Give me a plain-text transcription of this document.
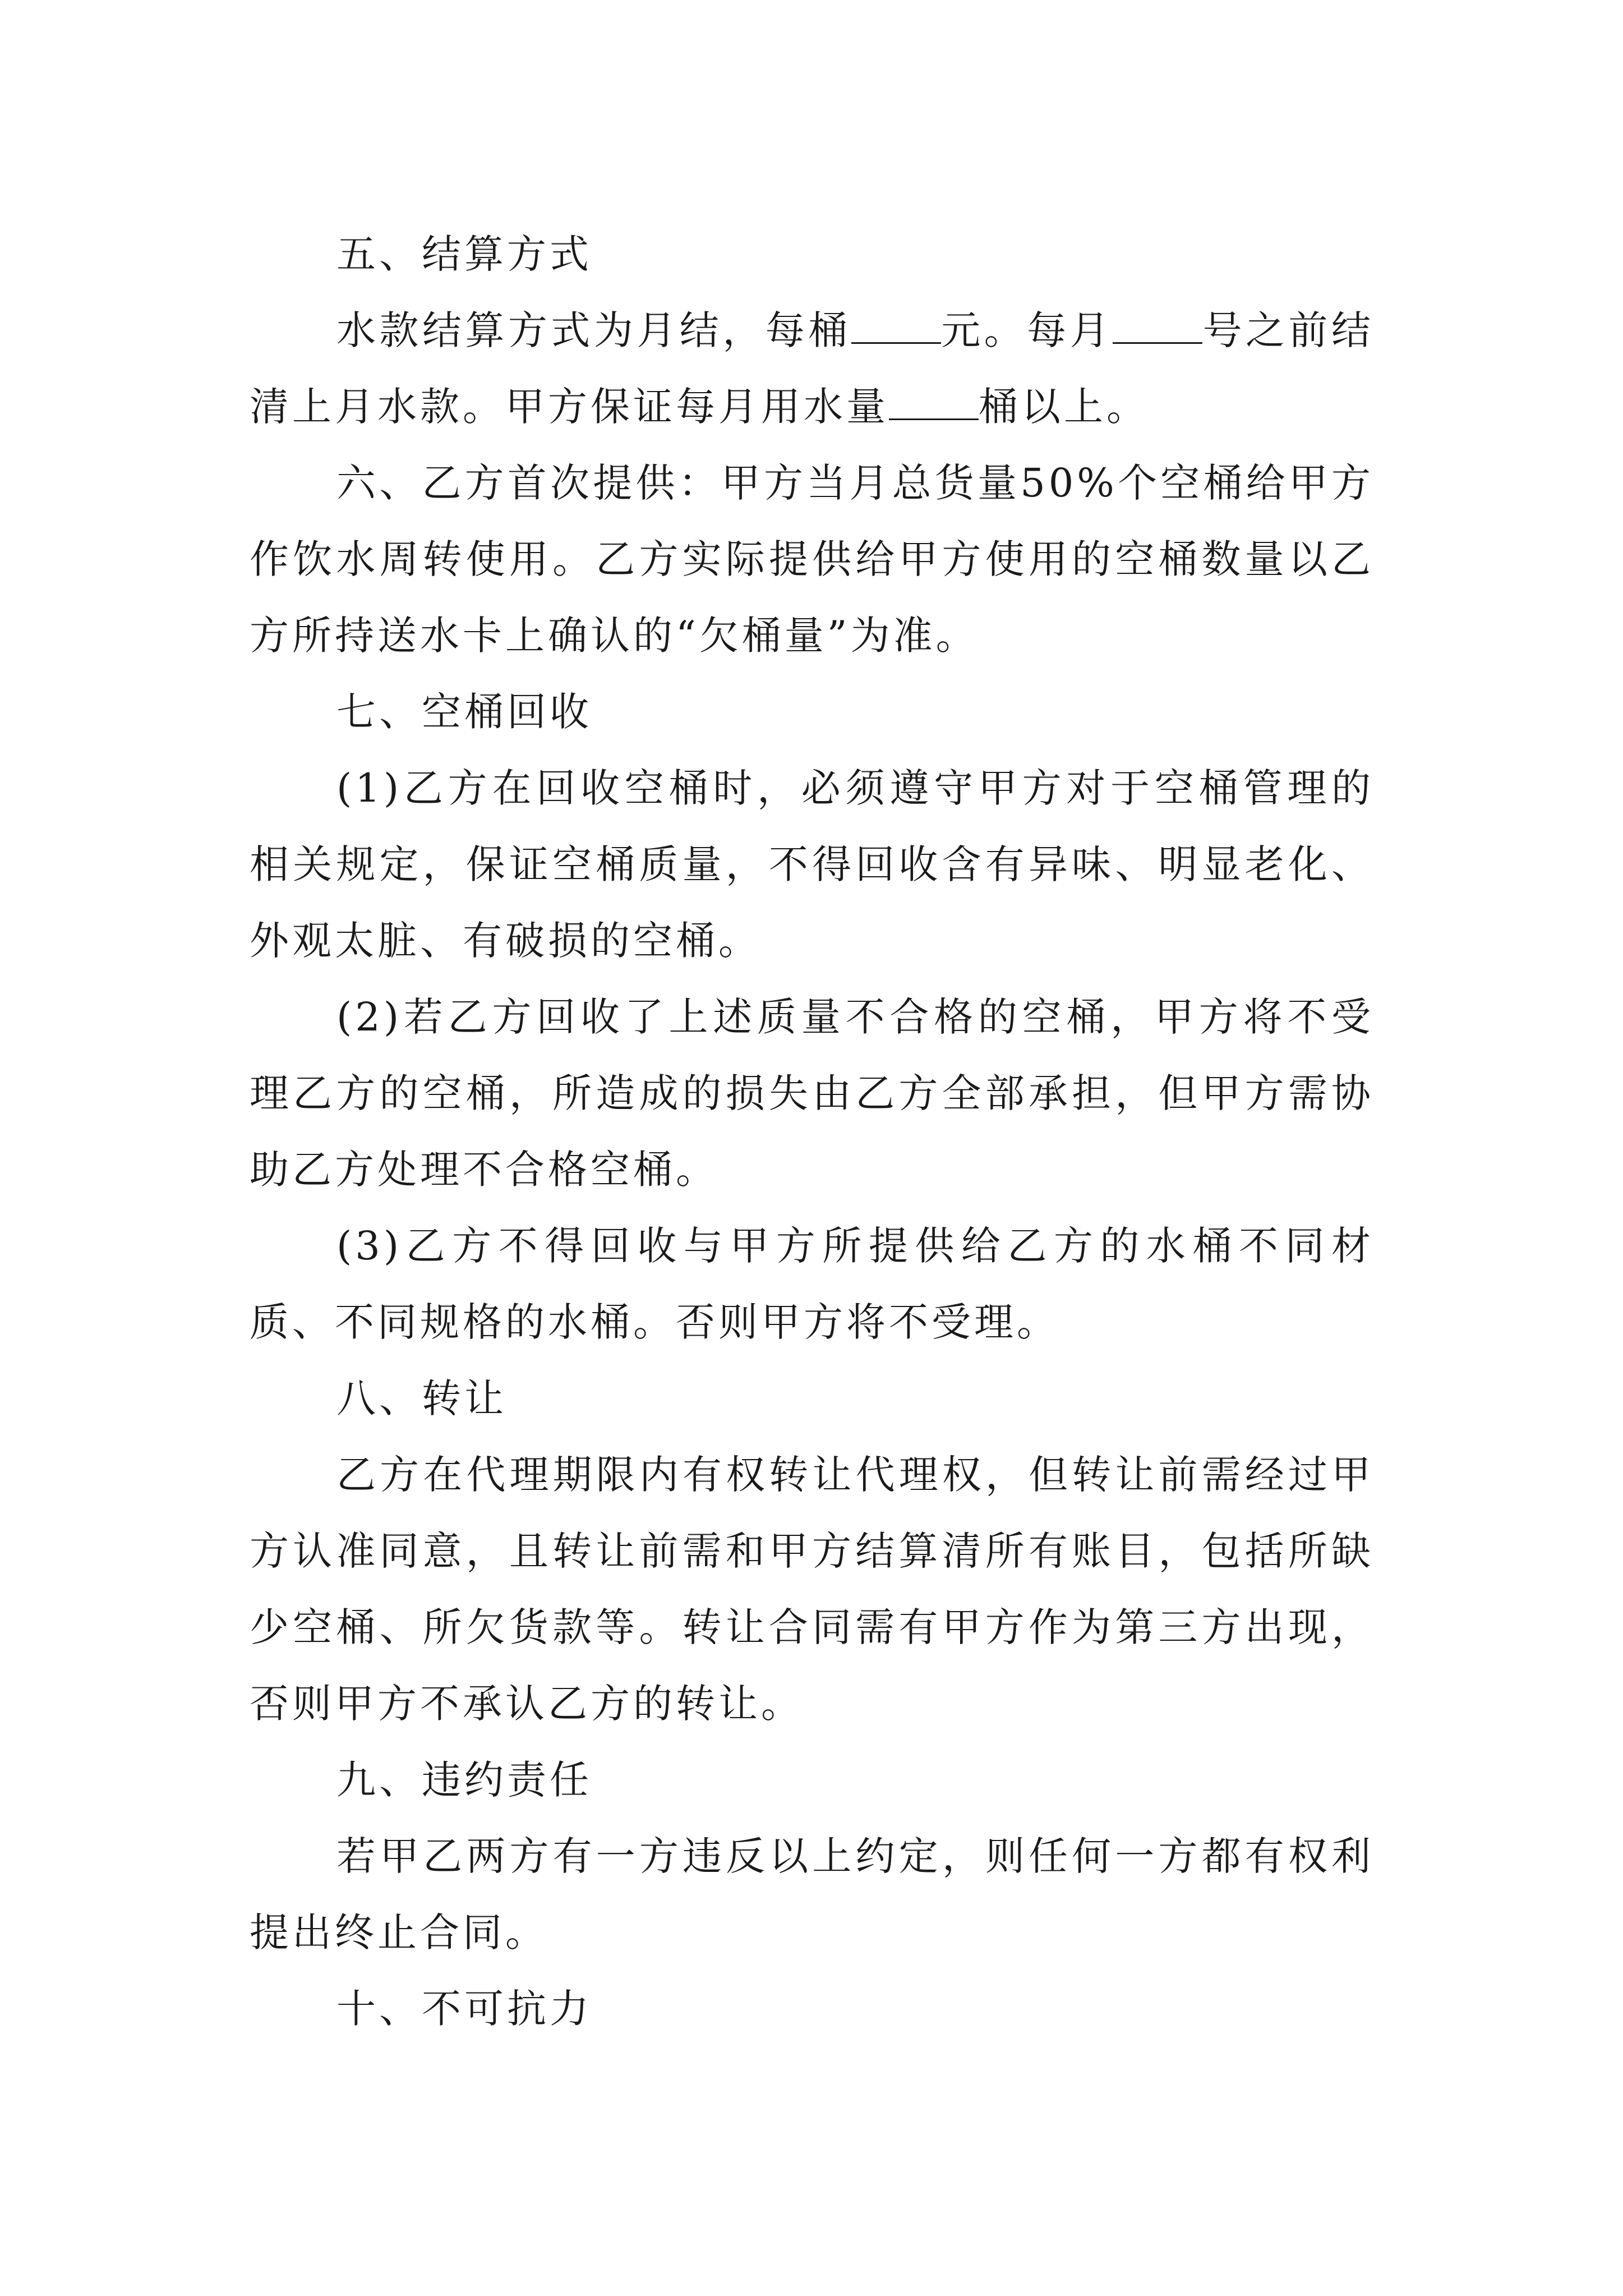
五、结算方式

水款结算方式为月结，每桶 元。每月 号之前结清上月水款。甲方保证每月用水量 桶以上。

六、乙方首次提供：甲方当月总货量50%个空桶给甲方作饮水周转使用。乙方实际提供给甲方使用的空桶数量以乙方所持送水卡上确认的“欠桶量”为准。

七、空桶回收

(1)乙方在回收空桶时，必须遵守甲方对于空桶管理的相关规定，保证空桶质量，不得回收含有异味、明显老化、外观太脏、有破损的空桶。

(2)若乙方回收了上述质量不合格的空桶，甲方将不受理乙方的空桶，所造成的损失由乙方全部承担，但甲方需协助乙方处理不合格空桶。

(3)乙方不得回收与甲方所提供给乙方的水桶不同材质、不同规格的水桶。否则甲方将不受理。

八、转让

乙方在代理期限内有权转让代理权，但转让前需经过甲方认准同意，且转让前需和甲方结算清所有账目，包括所缺少空桶、所欠货款等。转让合同需有甲方作为第三方出现，否则甲方不承认乙方的转让。

九、违约责任

若甲乙两方有一方违反以上约定，则任何一方都有权利提出终止合同。

十、不可抗力
